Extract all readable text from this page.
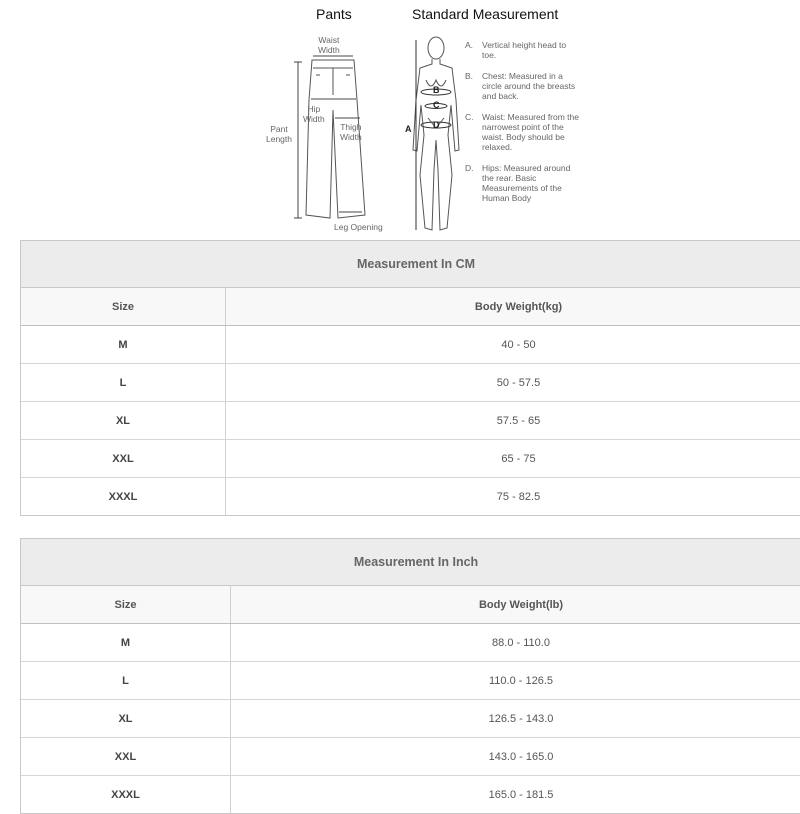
Pants	Standard Measurement
Waist
Width
Hip
Width
Thigh
Width
Pant
Length
Leg Opening
A
B
C
D
A.	Vertical height head to toe.
B.	Chest: Measured in a circle around the breasts and back.
C.	Waist: Measured from the narrowest point of the waist. Body should be relaxed.
D.	Hips: Measured around the rear. Basic Measurements of the Human Body
Measurement In CM
Size	Body Weight(kg)
M	40 - 50
L	50 - 57.5
XL	57.5 - 65
XXL	65 - 75
XXXL	75 - 82.5
Measurement In Inch
Size	Body Weight(lb)
M	88.0 - 110.0
L	110.0 - 126.5
XL	126.5 - 143.0
XXL	143.0 - 165.0
XXXL	165.0 - 181.5
